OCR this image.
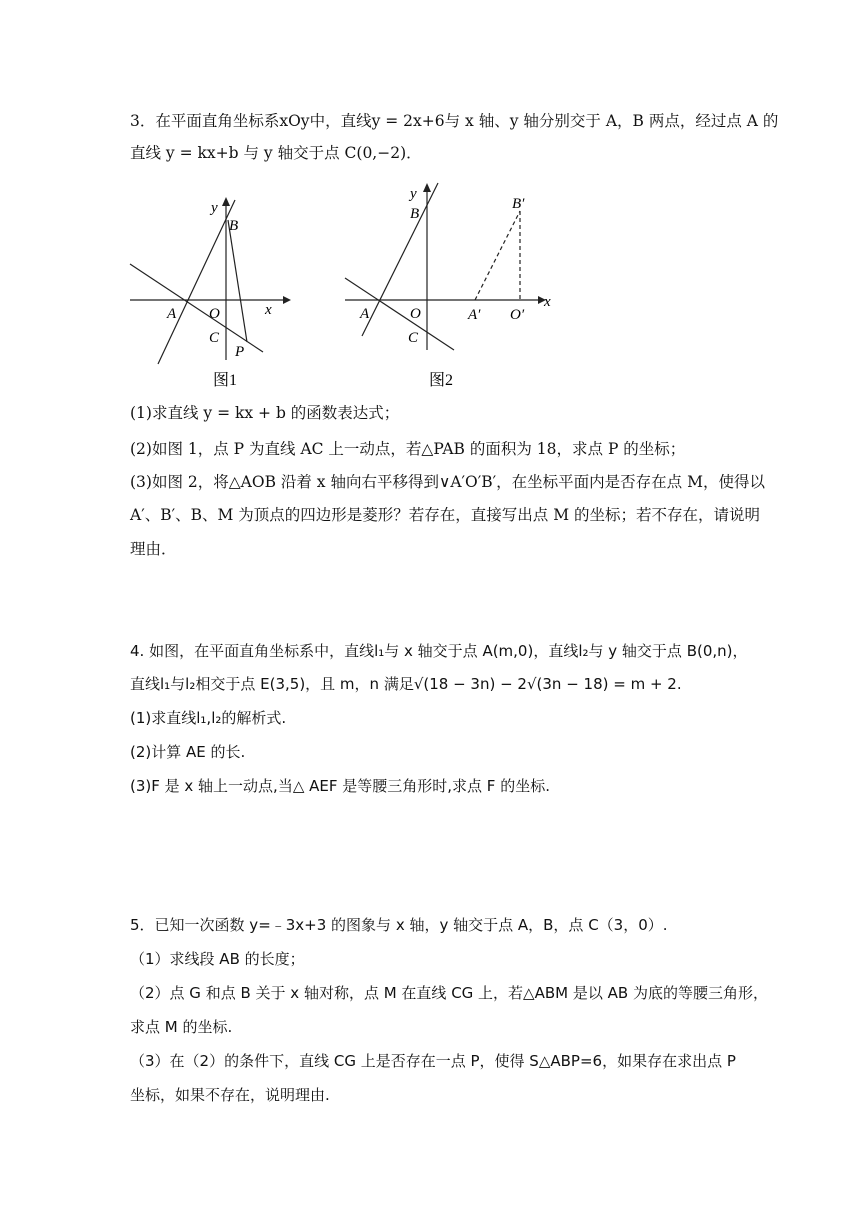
3．在平面直角坐标系xOy中，直线y = 2x+6与 x 轴、y 轴分别交于 A，B 两点，经过点 A 的
直线 y = kx+b 与 y 轴交于点 C(0,−2)．
y
B
A O	x
C
P
图1
y
B
A	O
C
B′
A′ O′
x
图2
(1)求直线 y = kx + b 的函数表达式；
(2)如图 1，点 P 为直线 AC 上一动点，若△PAB 的面积为 18，求点 P 的坐标；
(3)如图 2，将△AOB 沿着 x 轴向右平移得到∨A′O′B′，在坐标平面内是否存在点 M，使得以
A′、B′、B、M 为顶点的四边形是菱形？若存在，直接写出点 M 的坐标；若不存在，请说明
理由．
4. 如图，在平面直角坐标系中，直线l₁与 x 轴交于点 A(m,0)，直线l₂与 y 轴交于点 B(0,n)，
直线l₁与l₂相交于点 E(3,5)，且 m，n 满足√(18 − 3n) − 2√(3n − 18) = m + 2.
(1)求直线l₁,l₂的解析式.
(2)计算 AE 的长.
(3)F 是 x 轴上一动点,当△ AEF 是等腰三角形时,求点 F 的坐标.
5．已知一次函数 y=﹣3x+3 的图象与 x 轴，y 轴交于点 A，B，点 C（3，0）.
（1）求线段 AB 的长度；
（2）点 G 和点 B 关于 x 轴对称，点 M 在直线 CG 上，若△ABM 是以 AB 为底的等腰三角形，
求点 M 的坐标.
（3）在（2）的条件下，直线 CG 上是否存在一点 P，使得 S△ABP=6，如果存在求出点 P
坐标，如果不存在，说明理由.
